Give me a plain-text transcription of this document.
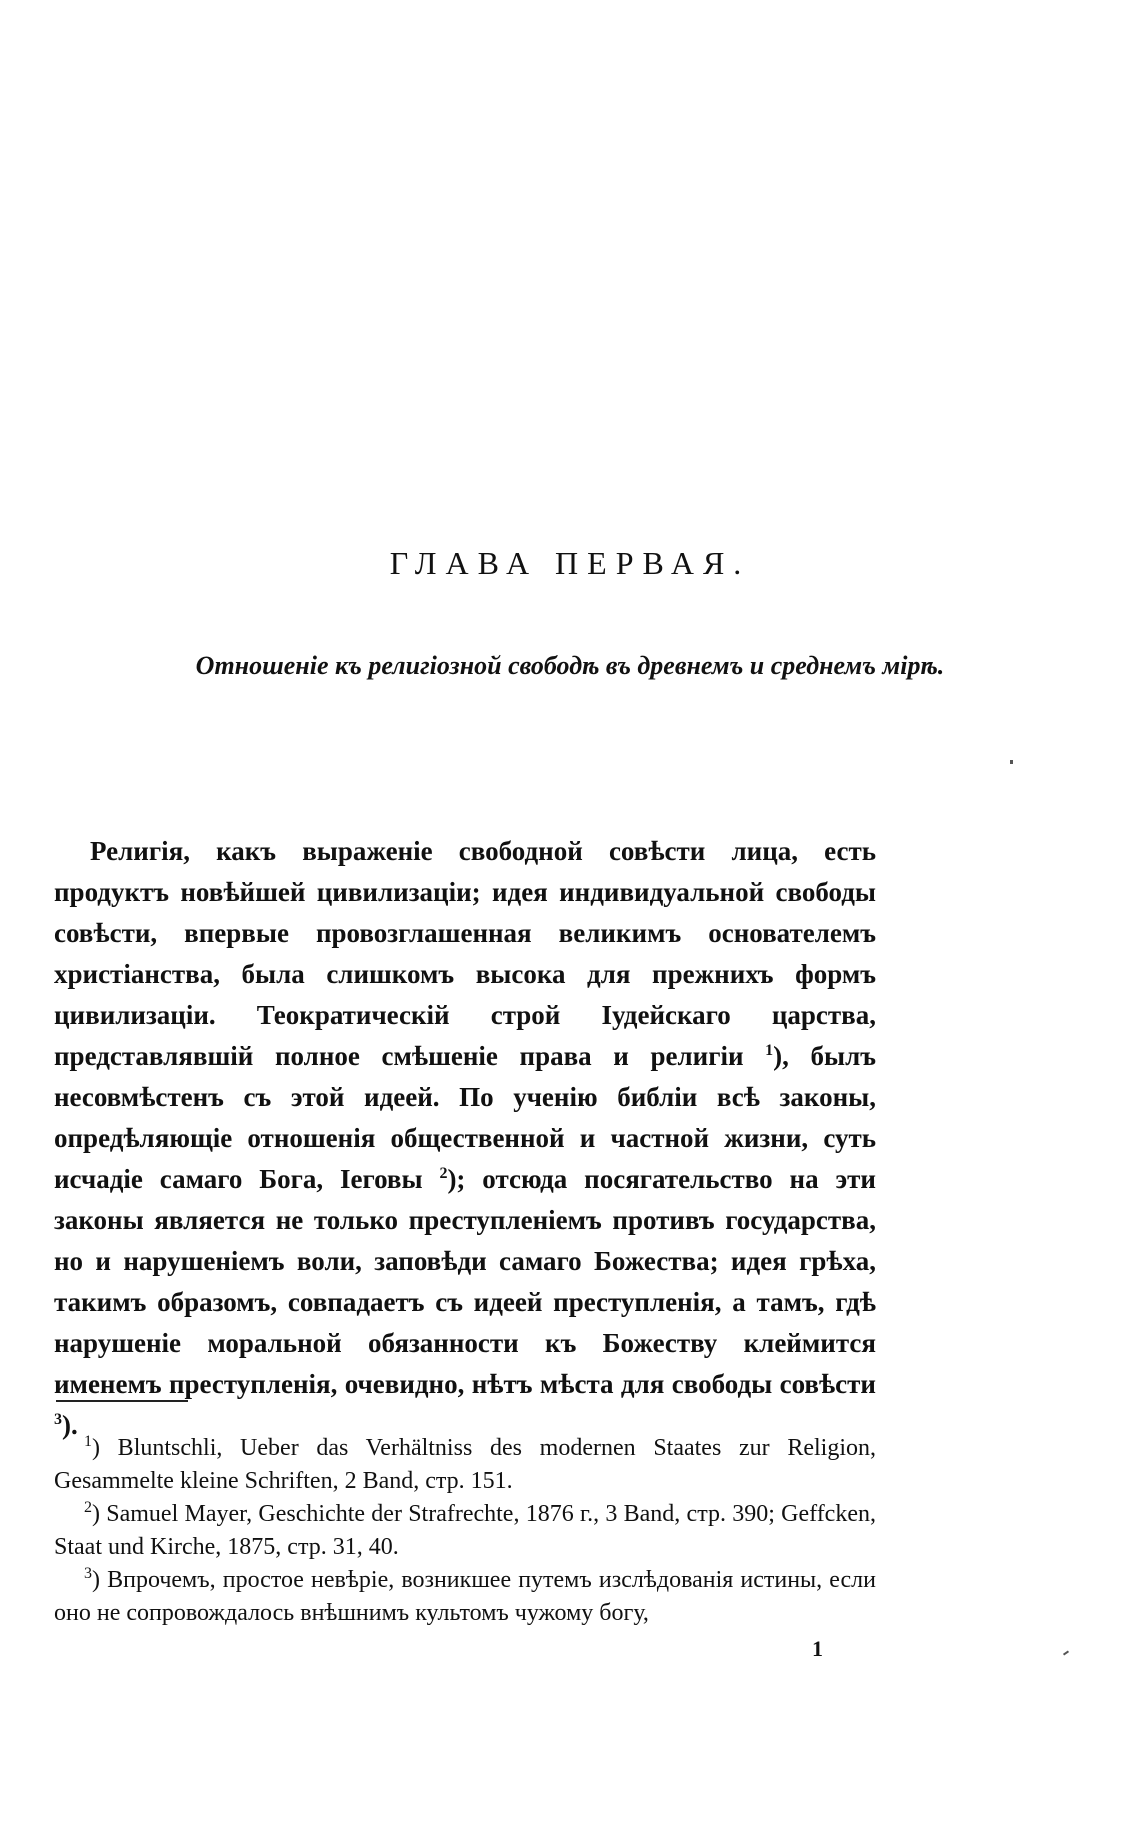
ГЛАВА ПЕРВАЯ.
Отношеніе къ религіозной свободѣ въ древнемъ и среднемъ мірѣ.

Религія, какъ выраженіе свободной совѣсти лица, есть продуктъ новѣйшей цивилизаціи; идея индивидуальной свободы совѣсти, впервые провозглашенная великимъ основателемъ христіанства, была слишкомъ высока для прежнихъ формъ цивилизаціи. Теократическій строй Іудейскаго царства, представлявшій полное смѣшеніе права и религіи $^1$), былъ несовмѣстенъ съ этой идеей. По ученію библіи всѣ законы, опредѣляющіе отношенія общественной и частной жизни, суть исчадіе самаго Бога, Іеговы $^2$); отсюда посягательство на эти законы является не только преступленіемъ противъ государства, но и нарушеніемъ воли, заповѣди самаго Божества; идея грѣха, такимъ образомъ, совпадаетъ съ идеей преступленія, а тамъ, гдѣ нарушеніе моральной обязанности къ Божеству клеймится именемъ преступленія, очевидно, нѣтъ мѣста для свободы совѣсти $^3$).

$^1$) Bluntschli, Ueber das Verhältniss des modernen Staates zur Religion, Gesammelte kleine Schriften, 2 Band, стр. 151.

$^2$) Samuel Mayer, Geschichte der Strafrechte, 1876 г., 3 Band, стр. 390; Geffcken, Staat und Kirche, 1875, стр. 31, 40.

$^3$) Впрочемъ, простое невѣріе, возникшее путемъ изслѣдованія истины, если оно не сопровождалось внѣшнимъ культомъ чужому богу,

1
